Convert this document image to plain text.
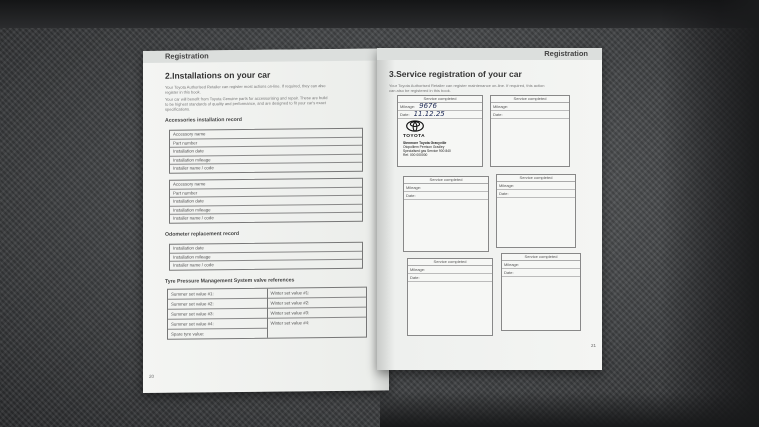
Registration
2.Installations on your car
Your Toyota Authorised Retailer can register most actions on-line. If required, they can also
register in this book.
Your car will benefit from Toyota Genuine parts for accessorising and repair. These are build
to be highest standards of quality and performance, and are designed to fit your car's exact
specifications.
Accessories installation record
Accessory name
Part number
Installation date
Installation mileage
Installer name / code
Accessory name
Part number
Installation date
Installation mileage
Installer name / code
Odometer replacement record
Installation date
Installation mileage
Installer name / code
Tyre Pressure Management System valve references
Summer set value #1:
Summer set value #2:
Summer set value #3:
Summer set value #4:
Spare tyre value:
Winter set value #1:
Winter set value #2:
Winter set value #3:
Winter set value #4:
20
Registration
3.Service registration of your car
Your Toyota Authorised Retailer can register maintenance on-line. If required, this action
can also be registered in this book.
Service completed
Mileage: 9676
Date: 11.12.25
TOYOTA
Stenmore Toyota Gravyville
Otopolliem Perrison Gradley
Specialised gas Service 900 840
Ref. 000 000000
Service completed
Mileage:
Date:
Service completed
Mileage:
Date:
Service completed
Mileage:
Date:
Service completed
Mileage:
Date:
Service completed
Mileage:
Date:
21
